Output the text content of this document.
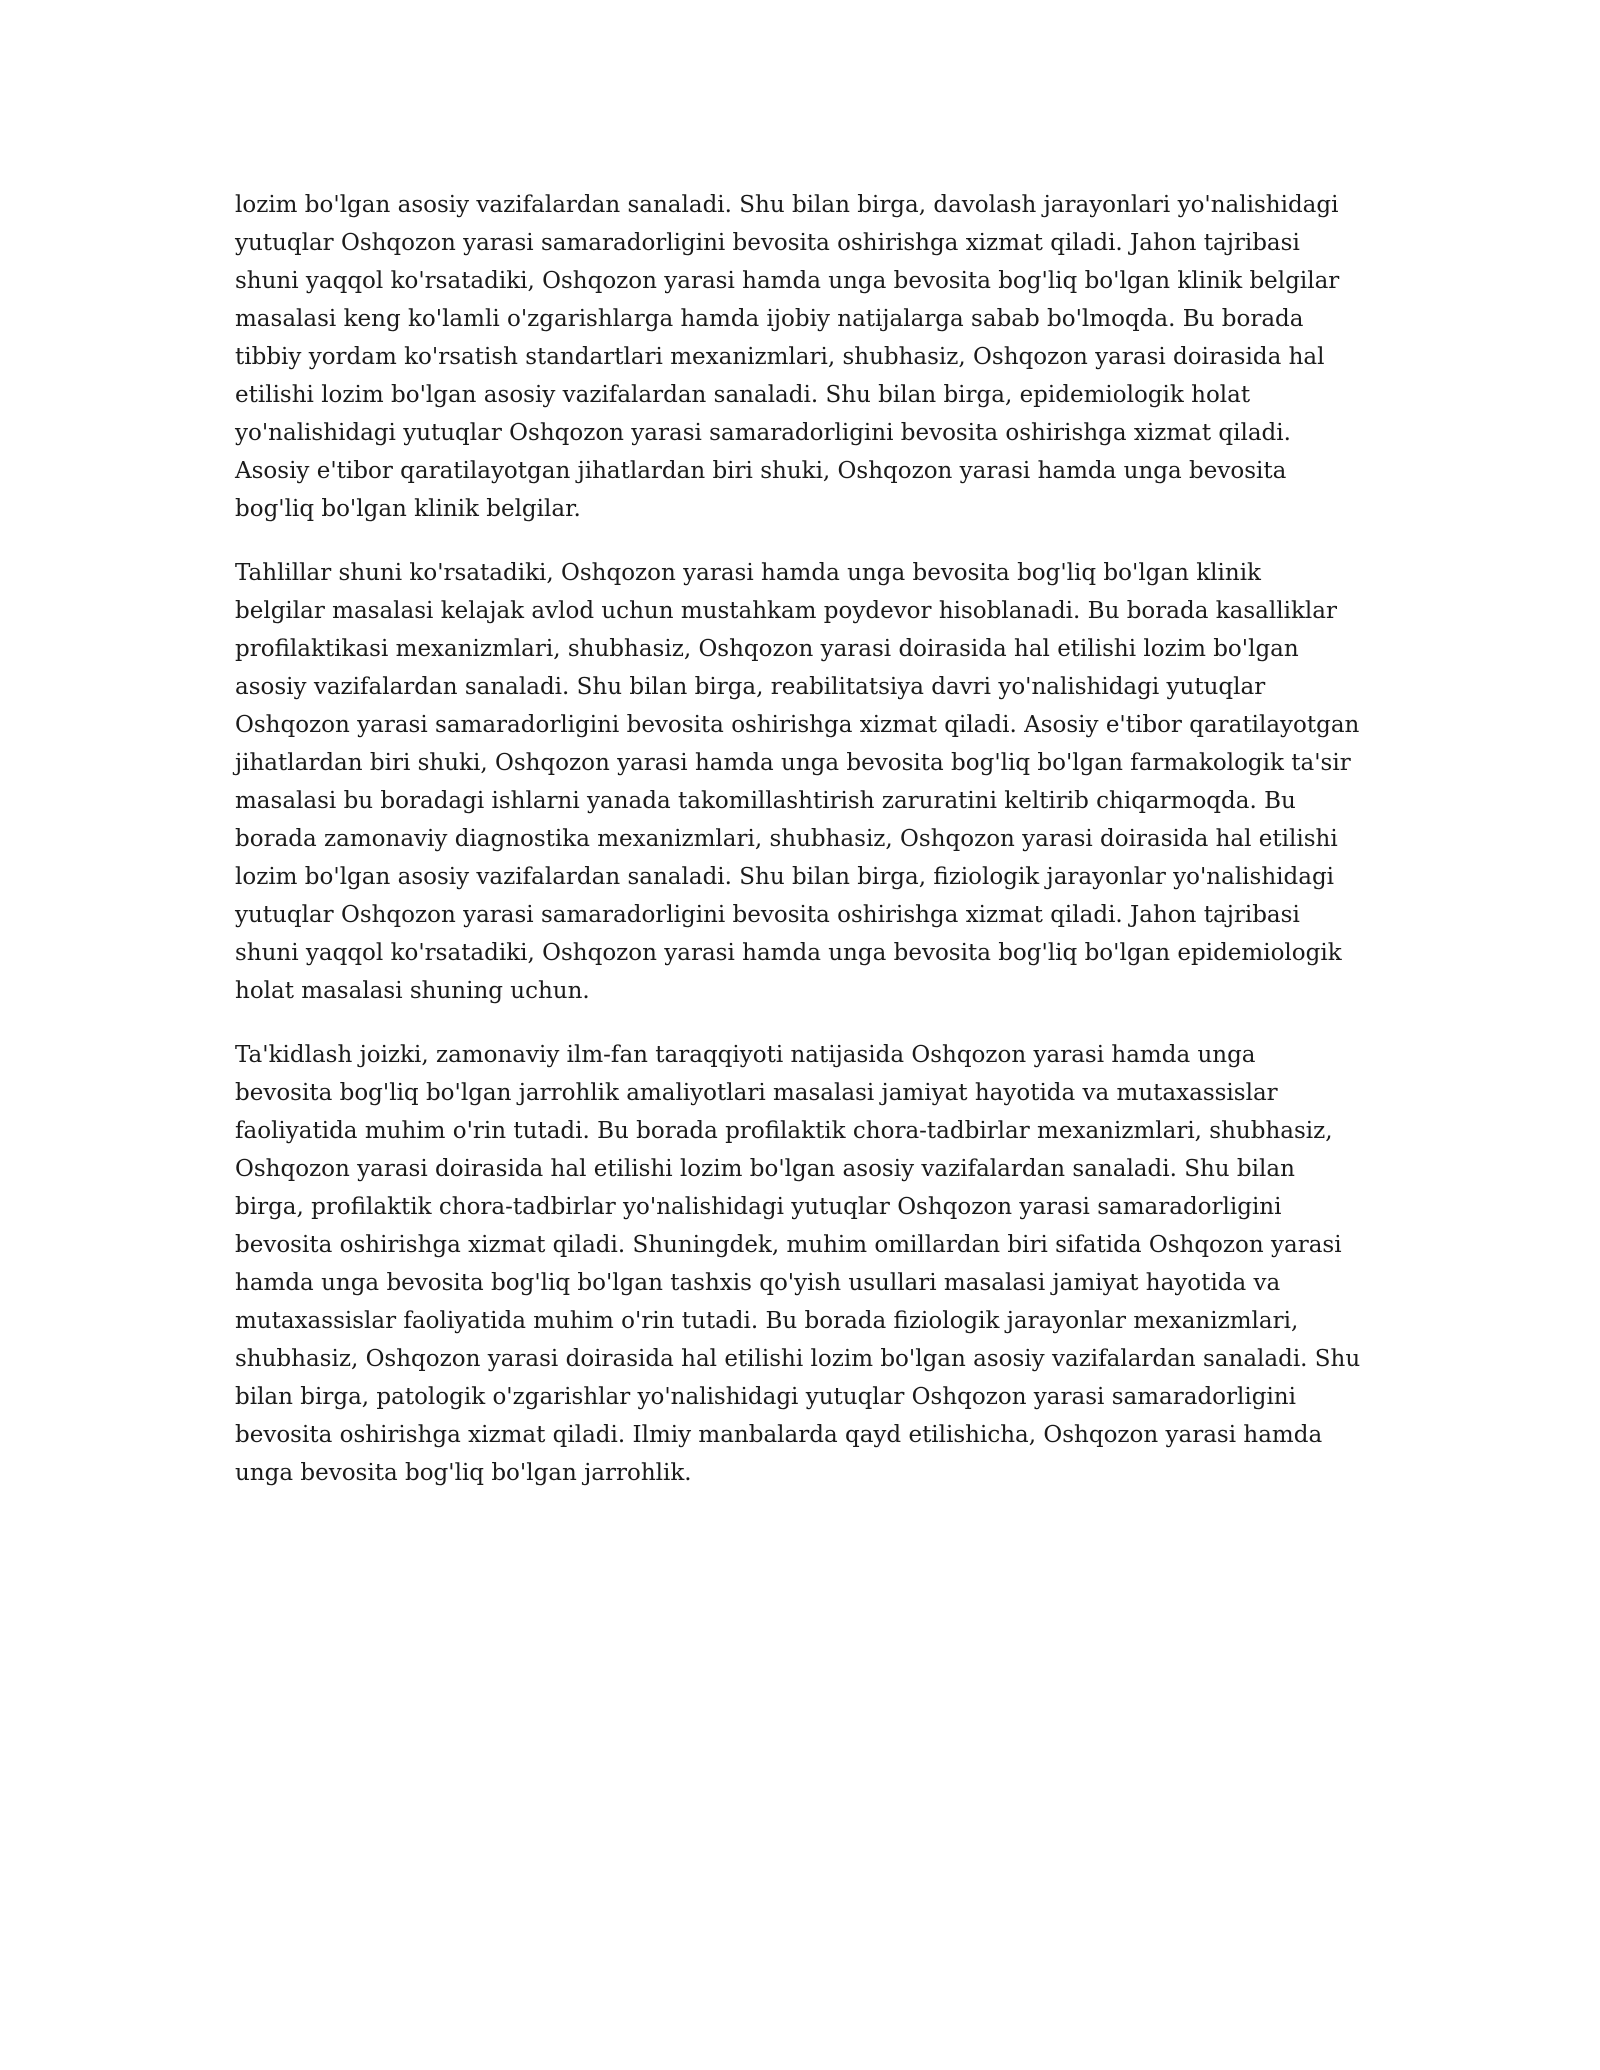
lozim bo'lgan asosiy vazifalardan sanaladi. Shu bilan birga, davolash jarayonlari yo'nalishidagi
yutuqlar Oshqozon yarasi samaradorligini bevosita oshirishga xizmat qiladi. Jahon tajribasi
shuni yaqqol ko'rsatadiki, Oshqozon yarasi hamda unga bevosita bog'liq bo'lgan klinik belgilar
masalasi keng ko'lamli o'zgarishlarga hamda ijobiy natijalarga sabab bo'lmoqda. Bu borada
tibbiy yordam ko'rsatish standartlari mexanizmlari, shubhasiz, Oshqozon yarasi doirasida hal
etilishi lozim bo'lgan asosiy vazifalardan sanaladi. Shu bilan birga, epidemiologik holat
yo'nalishidagi yutuqlar Oshqozon yarasi samaradorligini bevosita oshirishga xizmat qiladi.
Asosiy e'tibor qaratilayotgan jihatlardan biri shuki, Oshqozon yarasi hamda unga bevosita
bog'liq bo'lgan klinik belgilar.

Tahlillar shuni ko'rsatadiki, Oshqozon yarasi hamda unga bevosita bog'liq bo'lgan klinik
belgilar masalasi kelajak avlod uchun mustahkam poydevor hisoblanadi. Bu borada kasalliklar
profilaktikasi mexanizmlari, shubhasiz, Oshqozon yarasi doirasida hal etilishi lozim bo'lgan
asosiy vazifalardan sanaladi. Shu bilan birga, reabilitatsiya davri yo'nalishidagi yutuqlar
Oshqozon yarasi samaradorligini bevosita oshirishga xizmat qiladi. Asosiy e'tibor qaratilayotgan
jihatlardan biri shuki, Oshqozon yarasi hamda unga bevosita bog'liq bo'lgan farmakologik ta'sir
masalasi bu boradagi ishlarni yanada takomillashtirish zaruratini keltirib chiqarmoqda. Bu
borada zamonaviy diagnostika mexanizmlari, shubhasiz, Oshqozon yarasi doirasida hal etilishi
lozim bo'lgan asosiy vazifalardan sanaladi. Shu bilan birga, fiziologik jarayonlar yo'nalishidagi
yutuqlar Oshqozon yarasi samaradorligini bevosita oshirishga xizmat qiladi. Jahon tajribasi
shuni yaqqol ko'rsatadiki, Oshqozon yarasi hamda unga bevosita bog'liq bo'lgan epidemiologik
holat masalasi shuning uchun.

Ta'kidlash joizki, zamonaviy ilm-fan taraqqiyoti natijasida Oshqozon yarasi hamda unga
bevosita bog'liq bo'lgan jarrohlik amaliyotlari masalasi jamiyat hayotida va mutaxassislar
faoliyatida muhim o'rin tutadi. Bu borada profilaktik chora-tadbirlar mexanizmlari, shubhasiz,
Oshqozon yarasi doirasida hal etilishi lozim bo'lgan asosiy vazifalardan sanaladi. Shu bilan
birga, profilaktik chora-tadbirlar yo'nalishidagi yutuqlar Oshqozon yarasi samaradorligini
bevosita oshirishga xizmat qiladi. Shuningdek, muhim omillardan biri sifatida Oshqozon yarasi
hamda unga bevosita bog'liq bo'lgan tashxis qo'yish usullari masalasi jamiyat hayotida va
mutaxassislar faoliyatida muhim o'rin tutadi. Bu borada fiziologik jarayonlar mexanizmlari,
shubhasiz, Oshqozon yarasi doirasida hal etilishi lozim bo'lgan asosiy vazifalardan sanaladi. Shu
bilan birga, patologik o'zgarishlar yo'nalishidagi yutuqlar Oshqozon yarasi samaradorligini
bevosita oshirishga xizmat qiladi. Ilmiy manbalarda qayd etilishicha, Oshqozon yarasi hamda
unga bevosita bog'liq bo'lgan jarrohlik.
